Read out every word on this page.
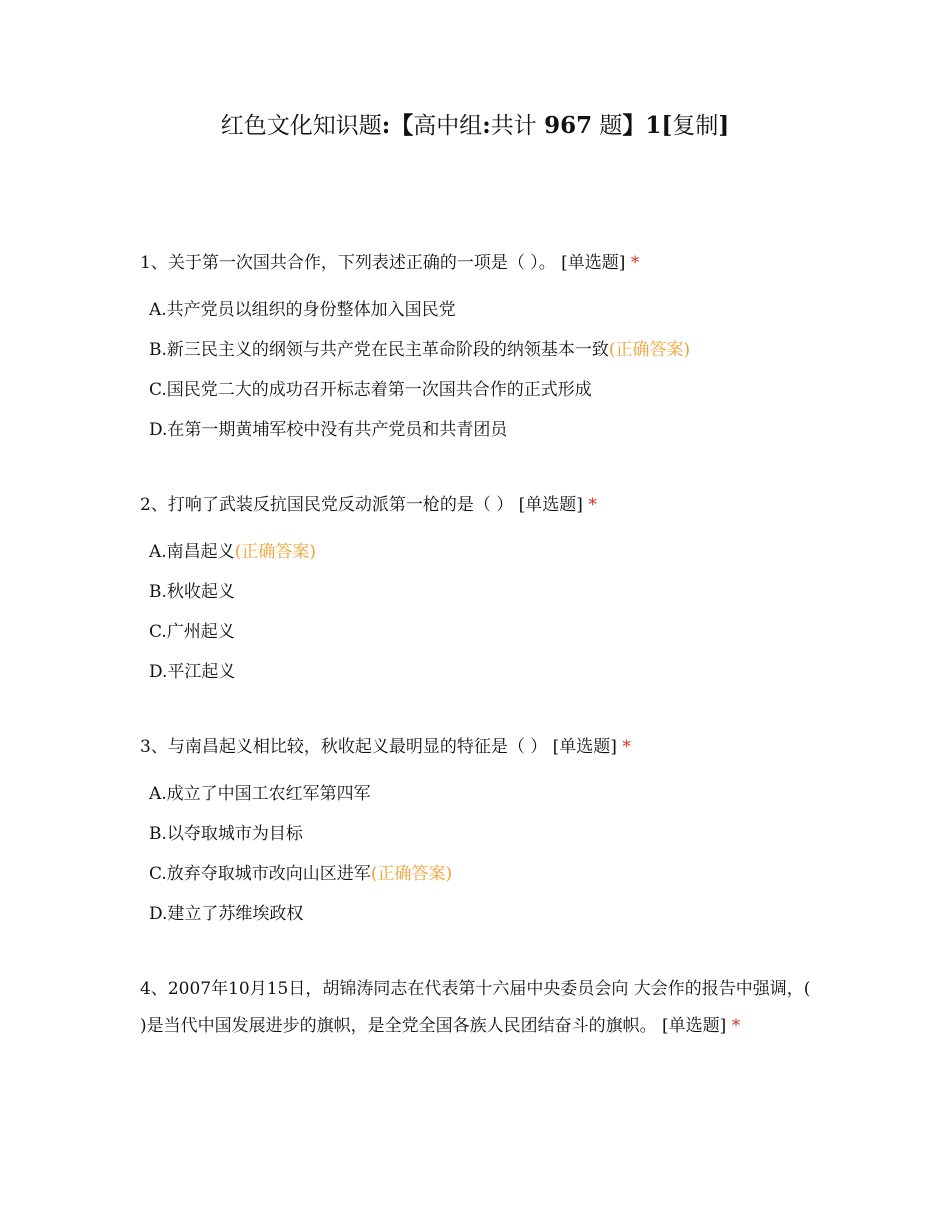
红色文化知识题:【高中组:共计 967 题】1[复制]

1、关于第一次国共合作，下列表述正确的一项是（ ）。 [单选题] *

A.共产党员以组织的身份整体加入国民党
B.新三民主义的纲领与共产党在民主革命阶段的纳领基本一致(正确答案)
C.国民党二大的成功召开标志着第一次国共合作的正式形成
D.在第一期黄埔军校中没有共产党员和共青团员

2、打响了武装反抗国民党反动派第一枪的是（ ） [单选题] *

A.南昌起义(正确答案)
B.秋收起义
C.广州起义
D.平江起义

3、与南昌起义相比较，秋收起义最明显的特征是（ ） [单选题] *

A.成立了中国工农红军第四军
B.以夺取城市为目标
C.放弃夺取城市改向山区进军(正确答案)
D.建立了苏维埃政权

4、2007年10月15日，胡锦涛同志在代表第十六届中央委员会向 大会作的报告中强调，( )是当代中国发展进步的旗帜，是全党全国各族人民团结奋斗的旗帜。 [单选题] *
